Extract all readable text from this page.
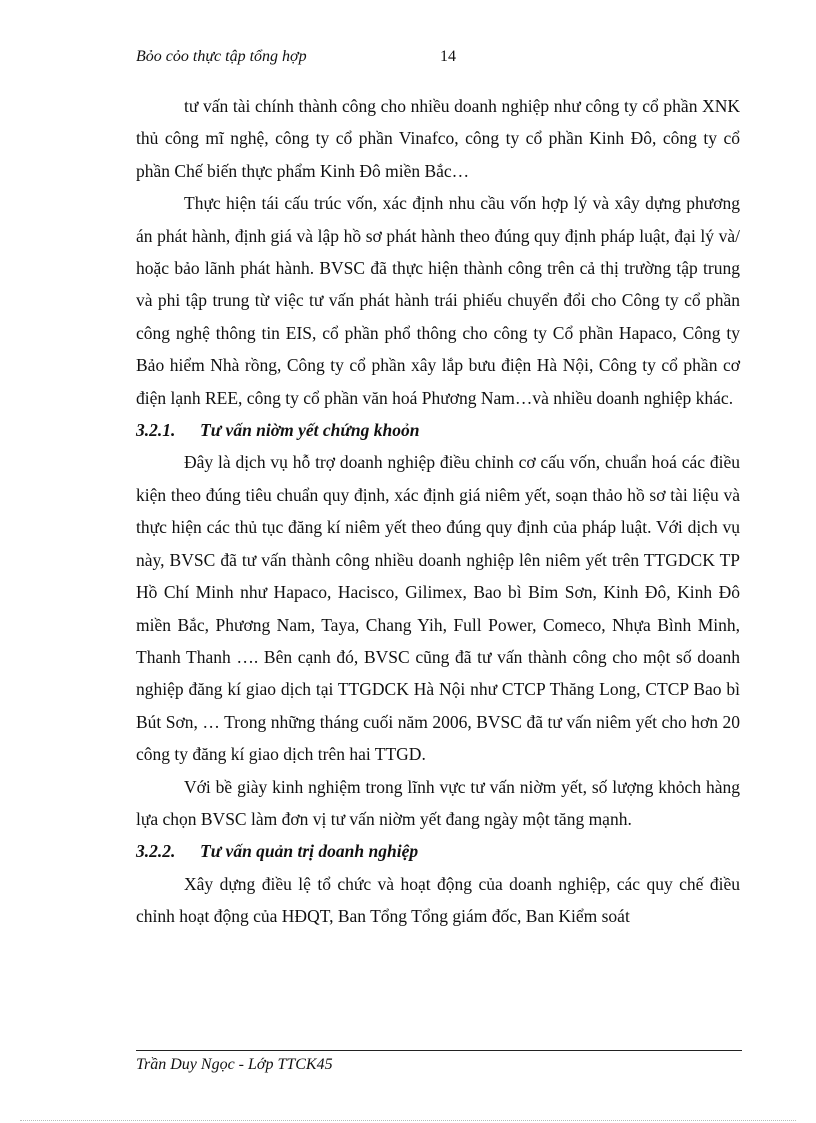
Bỏo cỏo thực tập tổng hợp	14

tư vấn tài chính thành công cho nhiều doanh nghiệp như công ty cổ phần XNK thủ công mĩ nghệ, công ty cổ phần Vinafco, công ty cổ phần Kinh Đô, công ty cổ phần Chế biến thực phẩm Kinh Đô miền Bắc…

Thực hiện tái cấu trúc vốn, xác định nhu cầu vốn hợp lý và xây dựng phương án phát hành, định giá và lập hồ sơ phát hành theo đúng quy định pháp luật, đại lý và/ hoặc bảo lãnh phát hành. BVSC đã thực hiện thành công trên cả thị trường tập trung và phi tập trung từ việc tư vấn phát hành trái phiếu chuyển đổi cho Công ty cổ phần công nghệ thông tin EIS, cổ phần phổ thông cho công ty Cổ phần Hapaco, Công ty Bảo hiểm Nhà rồng, Công ty cổ phần xây lắp bưu điện Hà Nội, Công ty cổ phần cơ điện lạnh REE, công ty cổ phần văn hoá Phương Nam…và nhiều doanh nghiệp khác.

3.2.1. Tư vấn niờm yết chứng khoỏn

Đây là dịch vụ hỗ trợ doanh nghiệp điều chỉnh cơ cấu vốn, chuẩn hoá các điều kiện theo đúng tiêu chuẩn quy định, xác định giá niêm yết, soạn thảo hồ sơ tài liệu và thực hiện các thủ tục đăng kí niêm yết theo đúng quy định của pháp luật. Với dịch vụ này, BVSC đã tư vấn thành công nhiều doanh nghiệp lên niêm yết trên TTGDCK TP Hồ Chí Minh như Hapaco, Hacisco, Gilimex, Bao bì Bỉm Sơn, Kinh Đô, Kinh Đô miền Bắc, Phương Nam, Taya, Chang Yih, Full Power, Comeco, Nhựa Bình Minh, Thanh Thanh …. Bên cạnh đó, BVSC cũng đã tư vấn thành công cho một số doanh nghiệp đăng kí giao dịch tại TTGDCK Hà Nội như CTCP Thăng Long, CTCP Bao bì Bút Sơn, … Trong những tháng cuối năm 2006, BVSC đã tư vấn niêm yết cho hơn 20 công ty đăng kí giao dịch trên hai TTGD.

Với bề giày kinh nghiệm trong lĩnh vực tư vấn niờm yết, số lượng khỏch hàng lựa chọn BVSC làm đơn vị tư vấn niờm yết đang ngày một tăng mạnh.

3.2.2. Tư vấn quản trị doanh nghiệp

Xây dựng điều lệ tổ chức và hoạt động của doanh nghiệp, các quy chế điều chỉnh hoạt động của HĐQT, Ban Tổng Tổng giám đốc, Ban Kiểm soát

Trần Duy Ngọc - Lớp TTCK45
